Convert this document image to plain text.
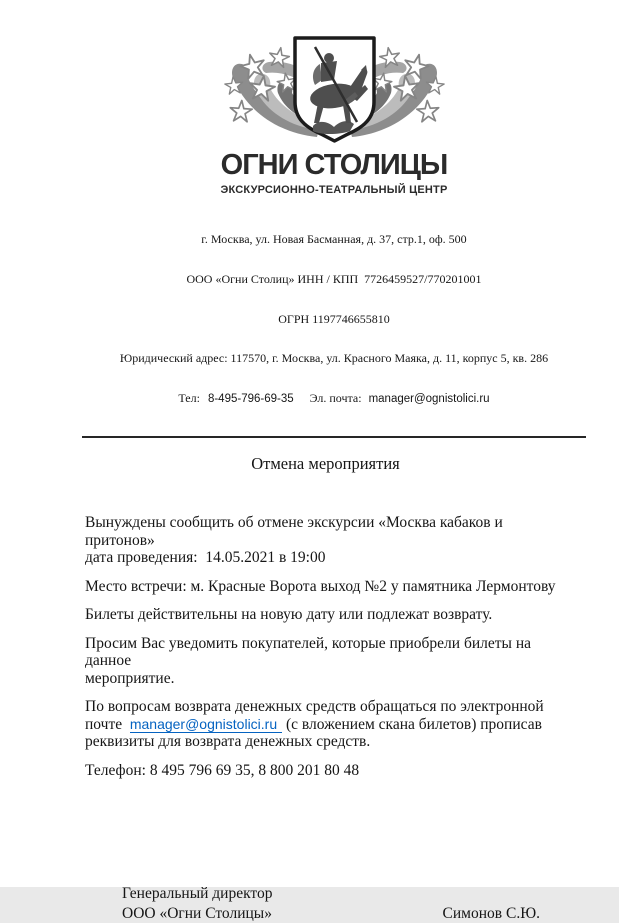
ОГНИ СТОЛИЦЫ
ЭКСКУРСИОННО-ТЕАТРАЛЬНЫЙ ЦЕНТР

г. Москва, ул. Новая Басманная, д. 37, стр.1, оф. 500

ООО «Огни Столиц» ИНН / КПП  7726459527/770201001

ОГРН 1197746655810

Юридический адрес: 117570, г. Москва, ул. Красного Маяка, д. 11, корпус 5, кв. 286

Тел: 8-495-796-69-35 Эл. почта: manager@ognistolici.ru

Отмена мероприятия

Вынуждены сообщить об отмене экскурсии «Москва кабаков и притонов»
дата проведения:  14.05.2021 в 19:00

Место встречи: м. Красные Ворота выход №2 у памятника Лермонтову

Билеты действительны на новую дату или подлежат возврату.

Просим Вас уведомить покупателей, которые приобрели билеты на данное
мероприятие.

По вопросам возврата денежных средств обращаться по электронной
почте  manager@ognistolici.ru (с вложением скана билетов) прописав
реквизиты для возврата денежных средств.

Телефон: 8 495 796 69 35, 8 800 201 80 48

Генеральный директор
ООО «Огни Столицы»	Симонов С.Ю.
